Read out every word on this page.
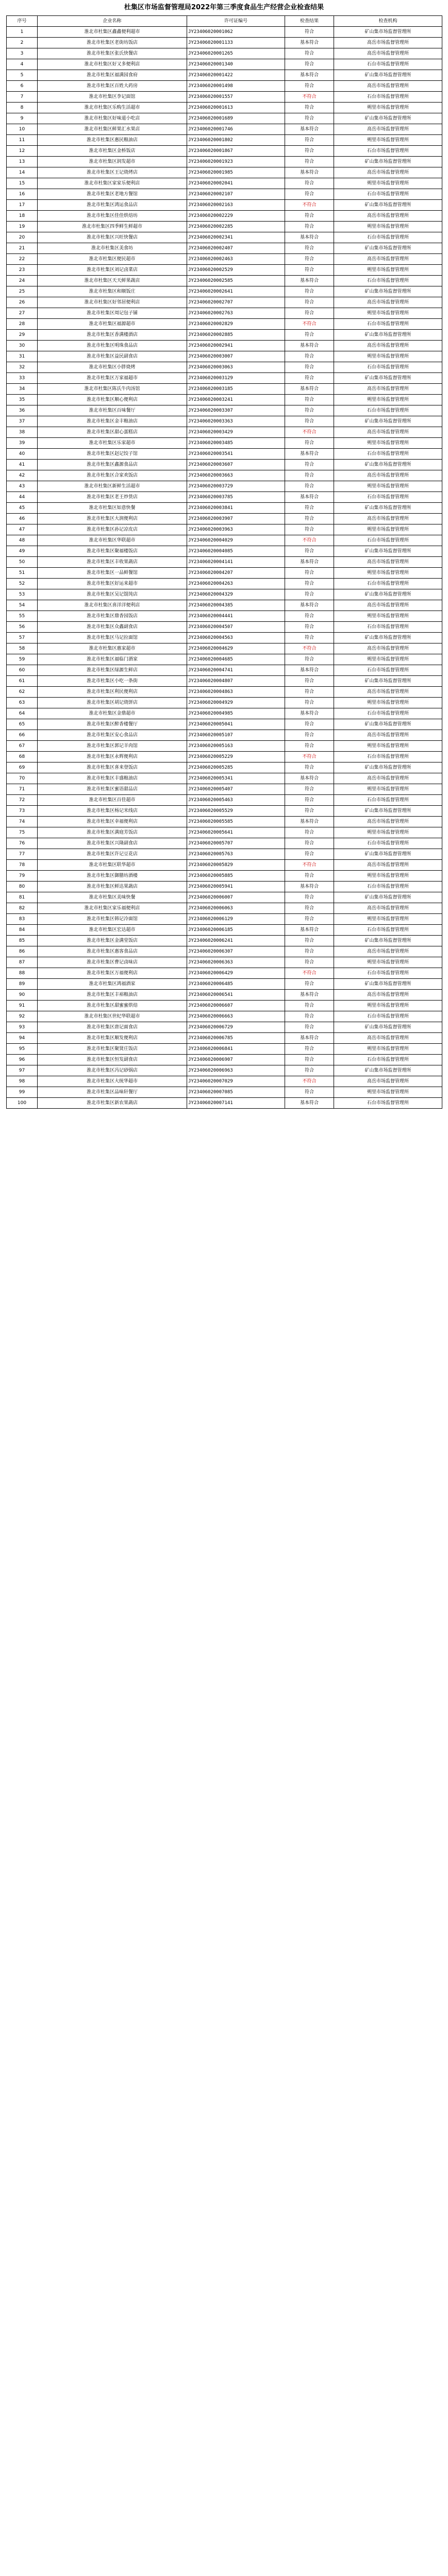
杜集区市场监督管理局2022年第三季度食品生产经营企业检查结果
序号	企业名称	许可证编号	检查结果	检查机构
1	淮北市杜集区鑫鑫便利超市	JY23406020001062	符合	矿山集市场监督管理所
2	淮北市杜集区老街坊饭店	JY23406020001133	基本符合	高岳市场监督管理所
3	淮北市杜集区张氏快餐店	JY23406020001265	符合	高岳市场监督管理所
4	淮北市杜集区好又多便利店	JY23406020001340	符合	石台市场监督管理所
5	淮北市杜集区福满园食府	JY23406020001422	基本符合	矿山集市场监督管理所
6	淮北市杜集区百姓大药房	JY23406020001498	符合	高岳市场监督管理所
7	淮北市杜集区李记面馆	JY23406020001557	不符合	石台市场监督管理所
8	淮北市杜集区乐购生活超市	JY23406020001613	符合	朔里市场监督管理所
9	淮北市杜集区好味道小吃店	JY23406020001689	符合	矿山集市场监督管理所
10	淮北市杜集区鲜果汇水果店	JY23406020001746	基本符合	高岳市场监督管理所
11	淮北市杜集区惠民粮油店	JY23406020001802	符合	朔里市场监督管理所
12	淮北市杜集区金桥饭店	JY23406020001867	符合	石台市场监督管理所
13	淮北市杜集区润发超市	JY23406020001923	符合	矿山集市场监督管理所
14	淮北市杜集区王记烧烤店	JY23406020001985	基本符合	高岳市场监督管理所
15	淮北市杜集区家家乐便利店	JY23406020002041	符合	朔里市场监督管理所
16	淮北市杜集区老地方餐馆	JY23406020002107	符合	石台市场监督管理所
17	淮北市杜集区鸿运食品店	JY23406020002163	不符合	矿山集市场监督管理所
18	淮北市杜集区佳佳烘焙坊	JY23406020002229	符合	高岳市场监督管理所
19	淮北市杜集区四季鲜生鲜超市	JY23406020002285	符合	朔里市场监督管理所
20	淮北市杜集区兴旺快餐店	JY23406020002341	基本符合	石台市场监督管理所
21	淮北市杜集区美食坊	JY23406020002407	符合	矿山集市场监督管理所
22	淮北市杜集区便民超市	JY23406020002463	符合	高岳市场监督管理所
23	淮北市杜集区刘记卤菜店	JY23406020002529	符合	朔里市场监督管理所
24	淮北市杜集区天天鲜果蔬店	JY23406020002585	基本符合	石台市场监督管理所
25	淮北市杜集区和顺饭庄	JY23406020002641	符合	矿山集市场监督管理所
26	淮北市杜集区好邻居便利店	JY23406020002707	符合	高岳市场监督管理所
27	淮北市杜集区周记包子铺	JY23406020002763	符合	朔里市场监督管理所
28	淮北市杜集区福源超市	JY23406020002829	不符合	石台市场监督管理所
29	淮北市杜集区香满楼酒店	JY23406020002885	符合	矿山集市场监督管理所
30	淮北市杜集区明珠食品店	JY23406020002941	基本符合	高岳市场监督管理所
31	淮北市杜集区益民副食店	JY23406020003007	符合	朔里市场监督管理所
32	淮北市杜集区小胖烧烤	JY23406020003063	符合	石台市场监督管理所
33	淮北市杜集区万家福超市	JY23406020003129	符合	矿山集市场监督管理所
34	淮北市杜集区陈氏牛肉汤馆	JY23406020003185	基本符合	高岳市场监督管理所
35	淮北市杜集区顺心便利店	JY23406020003241	符合	朔里市场监督管理所
36	淮北市杜集区百味餐厅	JY23406020003307	符合	石台市场监督管理所
37	淮北市杜集区金丰粮油店	JY23406020003363	符合	矿山集市场监督管理所
38	淮北市杜集区甜心蛋糕店	JY23406020003429	不符合	高岳市场监督管理所
39	淮北市杜集区乐家超市	JY23406020003485	符合	朔里市场监督管理所
40	淮北市杜集区赵记饺子馆	JY23406020003541	基本符合	石台市场监督管理所
41	淮北市杜集区鑫源食品店	JY23406020003607	符合	矿山集市场监督管理所
42	淮北市杜集区合家欢饭店	JY23406020003663	符合	高岳市场监督管理所
43	淮北市杜集区新鲜生活超市	JY23406020003729	符合	朔里市场监督管理所
44	淮北市杜集区老王炒货店	JY23406020003785	基本符合	石台市场监督管理所
45	淮北市杜集区如意快餐	JY23406020003841	符合	矿山集市场监督管理所
46	淮北市杜集区大润便利店	JY23406020003907	符合	高岳市场监督管理所
47	淮北市杜集区孙记凉皮店	JY23406020003963	符合	朔里市场监督管理所
48	淮北市杜集区华联超市	JY23406020004029	不符合	石台市场监督管理所
49	淮北市杜集区聚福楼饭店	JY23406020004085	符合	矿山集市场监督管理所
50	淮北市杜集区丰收果蔬店	JY23406020004141	基本符合	高岳市场监督管理所
51	淮北市杜集区一品鲜餐馆	JY23406020004207	符合	朔里市场监督管理所
52	淮北市杜集区好运来超市	JY23406020004263	符合	石台市场监督管理所
53	淮北市杜集区吴记馄饨店	JY23406020004329	符合	矿山集市场监督管理所
54	淮北市杜集区喜洋洋便利店	JY23406020004385	基本符合	高岳市场监督管理所
55	淮北市杜集区鼎香园饭店	JY23406020004441	符合	朔里市场监督管理所
56	淮北市杜集区众鑫副食店	JY23406020004507	符合	石台市场监督管理所
57	淮北市杜集区马记拉面馆	JY23406020004563	符合	矿山集市场监督管理所
58	淮北市杜集区惠家超市	JY23406020004629	不符合	高岳市场监督管理所
59	淮北市杜集区福临门酒家	JY23406020004685	符合	朔里市场监督管理所
60	淮北市杜集区绿源生鲜店	JY23406020004741	基本符合	石台市场监督管理所
61	淮北市杜集区小吃一条街	JY23406020004807	符合	矿山集市场监督管理所
62	淮北市杜集区利民便利店	JY23406020004863	符合	高岳市场监督管理所
63	淮北市杜集区胡记烧饼店	JY23406020004929	符合	朔里市场监督管理所
64	淮北市杜集区金鼎超市	JY23406020004985	基本符合	石台市场监督管理所
65	淮北市杜集区醉香楼餐厅	JY23406020005041	符合	矿山集市场监督管理所
66	淮北市杜集区安心食品店	JY23406020005107	符合	高岳市场监督管理所
67	淮北市杜集区郭记羊肉馆	JY23406020005163	符合	朔里市场监督管理所
68	淮北市杜集区永辉便利店	JY23406020005229	不符合	石台市场监督管理所
69	淮北市杜集区喜来登饭店	JY23406020005285	符合	矿山集市场监督管理所
70	淮北市杜集区丰盛粮油店	JY23406020005341	基本符合	高岳市场监督管理所
71	淮北市杜集区蜜语甜品店	JY23406020005407	符合	朔里市场监督管理所
72	淮北市杜集区百佳超市	JY23406020005463	符合	石台市场监督管理所
73	淮北市杜集区杨记米线店	JY23406020005529	符合	矿山集市场监督管理所
74	淮北市杜集区幸福便利店	JY23406020005585	基本符合	高岳市场监督管理所
75	淮北市杜集区满庭芳饭店	JY23406020005641	符合	朔里市场监督管理所
76	淮北市杜集区兴隆副食店	JY23406020005707	符合	石台市场监督管理所
77	淮北市杜集区许记豆花店	JY23406020005763	符合	矿山集市场监督管理所
78	淮北市杜集区联华超市	JY23406020005829	不符合	高岳市场监督管理所
79	淮北市杜集区御膳坊酒楼	JY23406020005885	符合	朔里市场监督管理所
80	淮北市杜集区鲜达果蔬店	JY23406020005941	基本符合	石台市场监督管理所
81	淮北市杜集区美味快餐	JY23406020006007	符合	矿山集市场监督管理所
82	淮北市杜集区家乐福便利店	JY23406020006063	符合	高岳市场监督管理所
83	淮北市杜集区韩记冷面馆	JY23406020006129	符合	朔里市场监督管理所
84	淮北市杜集区宏达超市	JY23406020006185	基本符合	石台市场监督管理所
85	淮北市杜集区金满堂饭店	JY23406020006241	符合	矿山集市场监督管理所
86	淮北市杜集区惠客食品店	JY23406020006307	符合	高岳市场监督管理所
87	淮北市杜集区曹记卤味店	JY23406020006363	符合	朔里市场监督管理所
88	淮北市杜集区万福便利店	JY23406020006429	不符合	石台市场监督管理所
89	淮北市杜集区鸿福酒家	JY23406020006485	符合	矿山集市场监督管理所
90	淮北市杜集区丰裕粮油店	JY23406020006541	基本符合	高岳市场监督管理所
91	淮北市杜集区甜蜜蜜烘焙	JY23406020006607	符合	朔里市场监督管理所
92	淮北市杜集区世纪华联超市	JY23406020006663	符合	石台市场监督管理所
93	淮北市杜集区唐记面食店	JY23406020006729	符合	矿山集市场监督管理所
94	淮北市杜集区顺发便利店	JY23406020006785	基本符合	高岳市场监督管理所
95	淮北市杜集区聚贤庄饭店	JY23406020006841	符合	朔里市场监督管理所
96	淮北市杜集区恒发副食店	JY23406020006907	符合	石台市场监督管理所
97	淮北市杜集区冯记砂锅店	JY23406020006963	符合	矿山集市场监督管理所
98	淮北市杜集区大统华超市	JY23406020007029	不符合	高岳市场监督管理所
99	淮北市杜集区品味轩餐厅	JY23406020007085	符合	朔里市场监督管理所
100	淮北市杜集区新农果蔬店	JY23406020007141	基本符合	石台市场监督管理所
